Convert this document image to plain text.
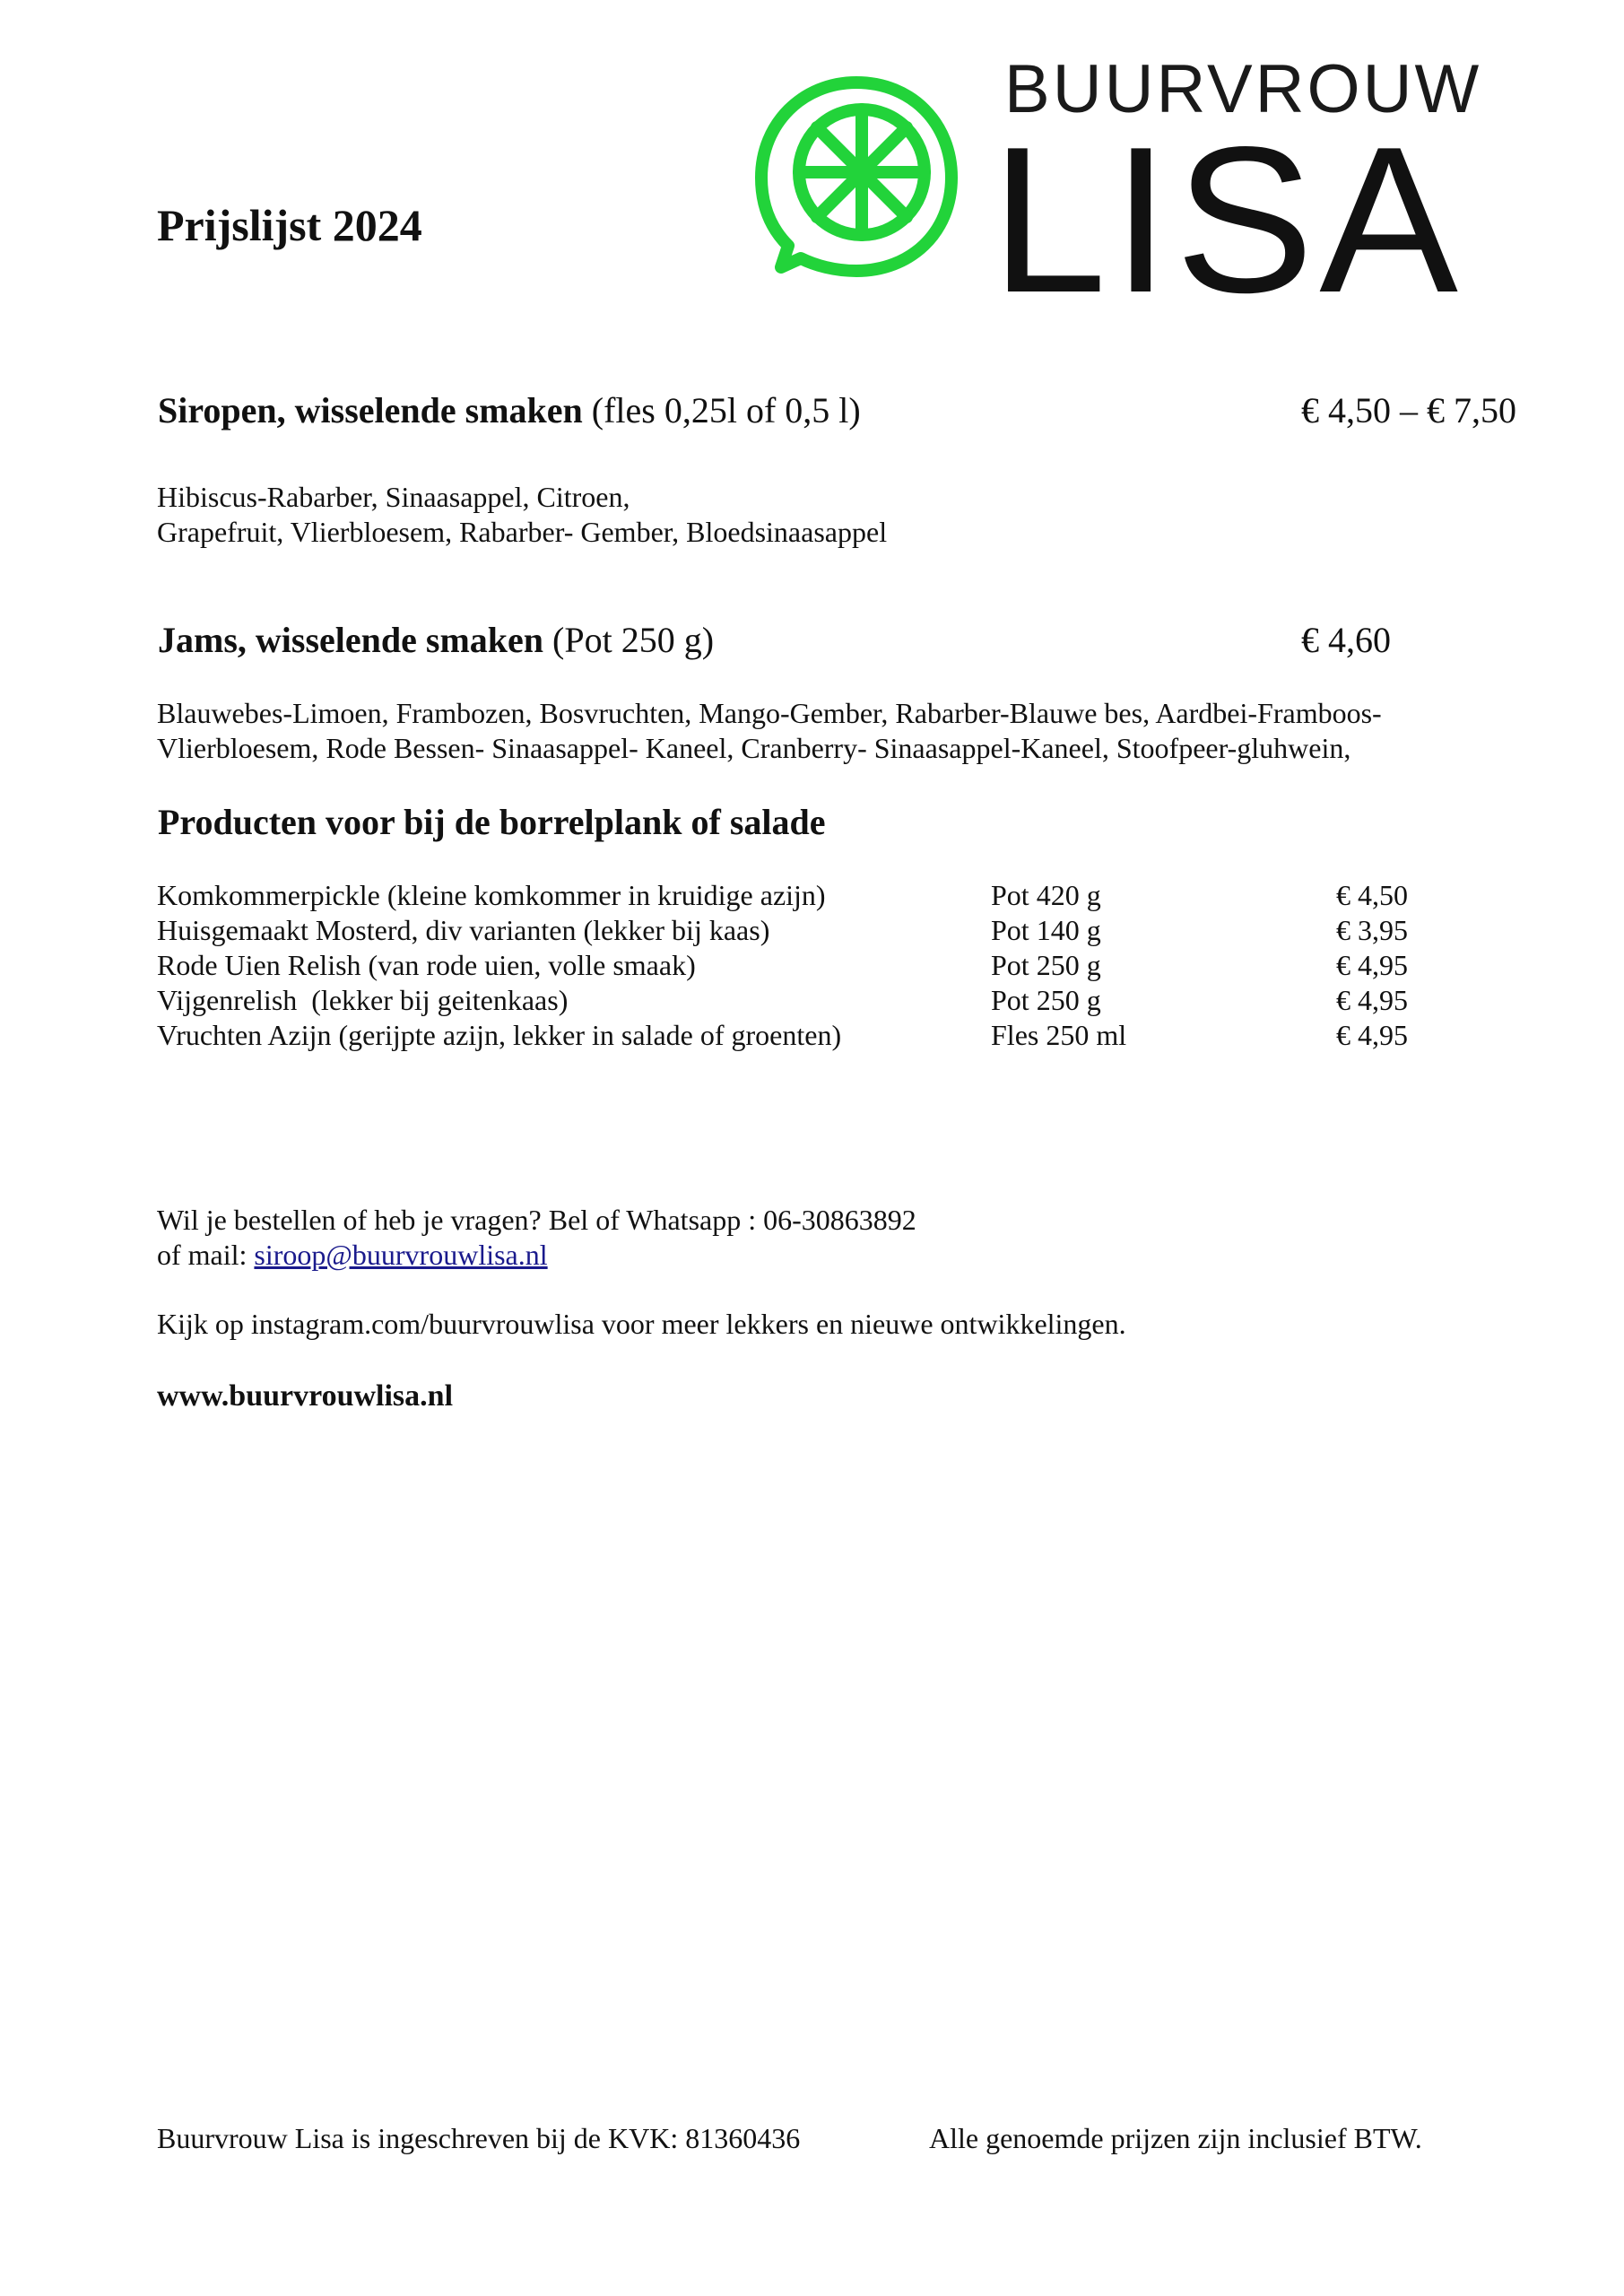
BUURVROUW
LISA
Prijslijst 2024
Siropen, wisselende smaken (fles 0,25l of 0,5 l)	€ 4,50 – € 7,50
Hibiscus-Rabarber, Sinaasappel, Citroen,
Grapefruit, Vlierbloesem, Rabarber- Gember, Bloedsinaasappel
Jams, wisselende smaken (Pot 250 g)	€ 4,60
Blauwebes-Limoen, Frambozen, Bosvruchten, Mango-Gember, Rabarber-Blauwe bes, Aardbei-Framboos-
Vlierbloesem, Rode Bessen- Sinaasappel- Kaneel, Cranberry- Sinaasappel-Kaneel, Stoofpeer-gluhwein,
Producten voor bij de borrelplank of salade
Komkommerpickle (kleine komkommer in kruidige azijn)	Pot 420 g	€ 4,50
Huisgemaakt Mosterd, div varianten (lekker bij kaas)	Pot 140 g	€ 3,95
Rode Uien Relish (van rode uien, volle smaak)	Pot 250 g	€ 4,95
Vijgenrelish  (lekker bij geitenkaas)	Pot 250 g	€ 4,95
Vruchten Azijn (gerijpte azijn, lekker in salade of groenten)	Fles 250 ml	€ 4,95
Wil je bestellen of heb je vragen? Bel of Whatsapp : 06-30863892
of mail: siroop@buurvrouwlisa.nl
Kijk op instagram.com/buurvrouwlisa voor meer lekkers en nieuwe ontwikkelingen.
www.buurvrouwlisa.nl
Buurvrouw Lisa is ingeschreven bij de KVK: 81360436	Alle genoemde prijzen zijn inclusief BTW.
